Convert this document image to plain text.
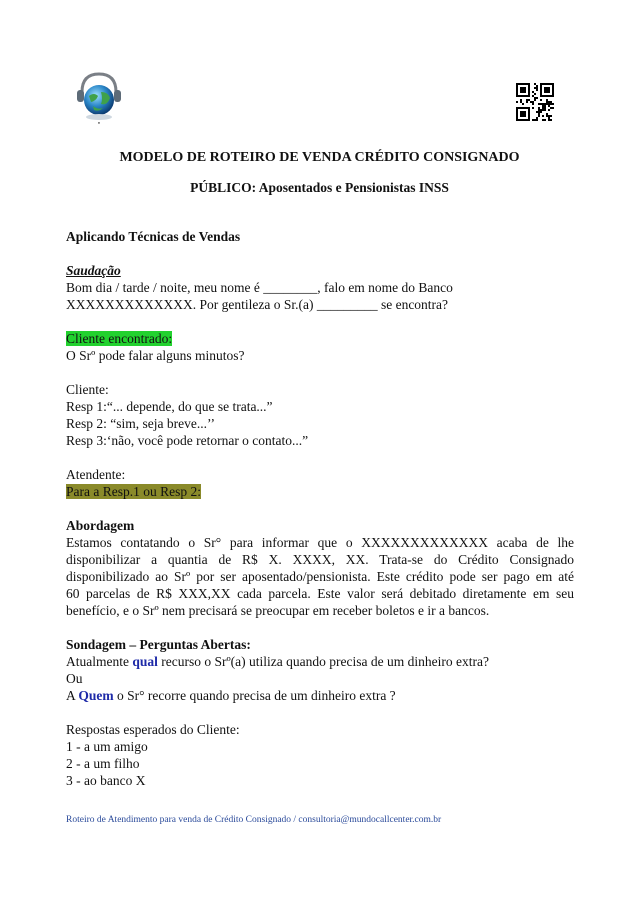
●
MODELO DE ROTEIRO DE VENDA CRÉDITO CONSIGNADO
PÚBLICO: Aposentados e Pensionistas INSS

Aplicando Técnicas de Vendas

Saudação

Bom dia / tarde / noite, meu nome é ________, falo em nome do Banco

XXXXXXXXXXXXX. Por gentileza o Sr.(a) _________ se encontra?

Cliente encontrado:

O Srº pode falar alguns minutos?

Cliente:

Resp 1:“... depende, do que se trata...”

Resp 2: “sim, seja breve...’’

Resp 3:‘não, você pode retornar o contato...”

Atendente:

Para a Resp.1 ou Resp 2:

Abordagem

Estamos contatando o Sr° para informar que o XXXXXXXXXXXXX acaba de lhe

disponibilizar a quantia de R$ X. XXXX, XX. Trata-se do Crédito Consignado

disponibilizado ao Srº por ser aposentado/pensionista. Este crédito pode ser pago em até

60 parcelas de R$ XXX,XX cada parcela. Este valor será debitado diretamente em seu

benefício, e o Srº nem precisará se preocupar em receber boletos e ir a bancos.

Sondagem – Perguntas Abertas:

Atualmente qual recurso o Srº(a) utiliza quando precisa de um dinheiro extra?

Ou

A Quem o Sr° recorre quando precisa de um dinheiro extra ?

Respostas esperados do Cliente:

1 - a um amigo

2 - a um filho

3 - ao banco X

Roteiro de Atendimento para venda de Crédito Consignado / consultoria@mundocallcenter.com.br
